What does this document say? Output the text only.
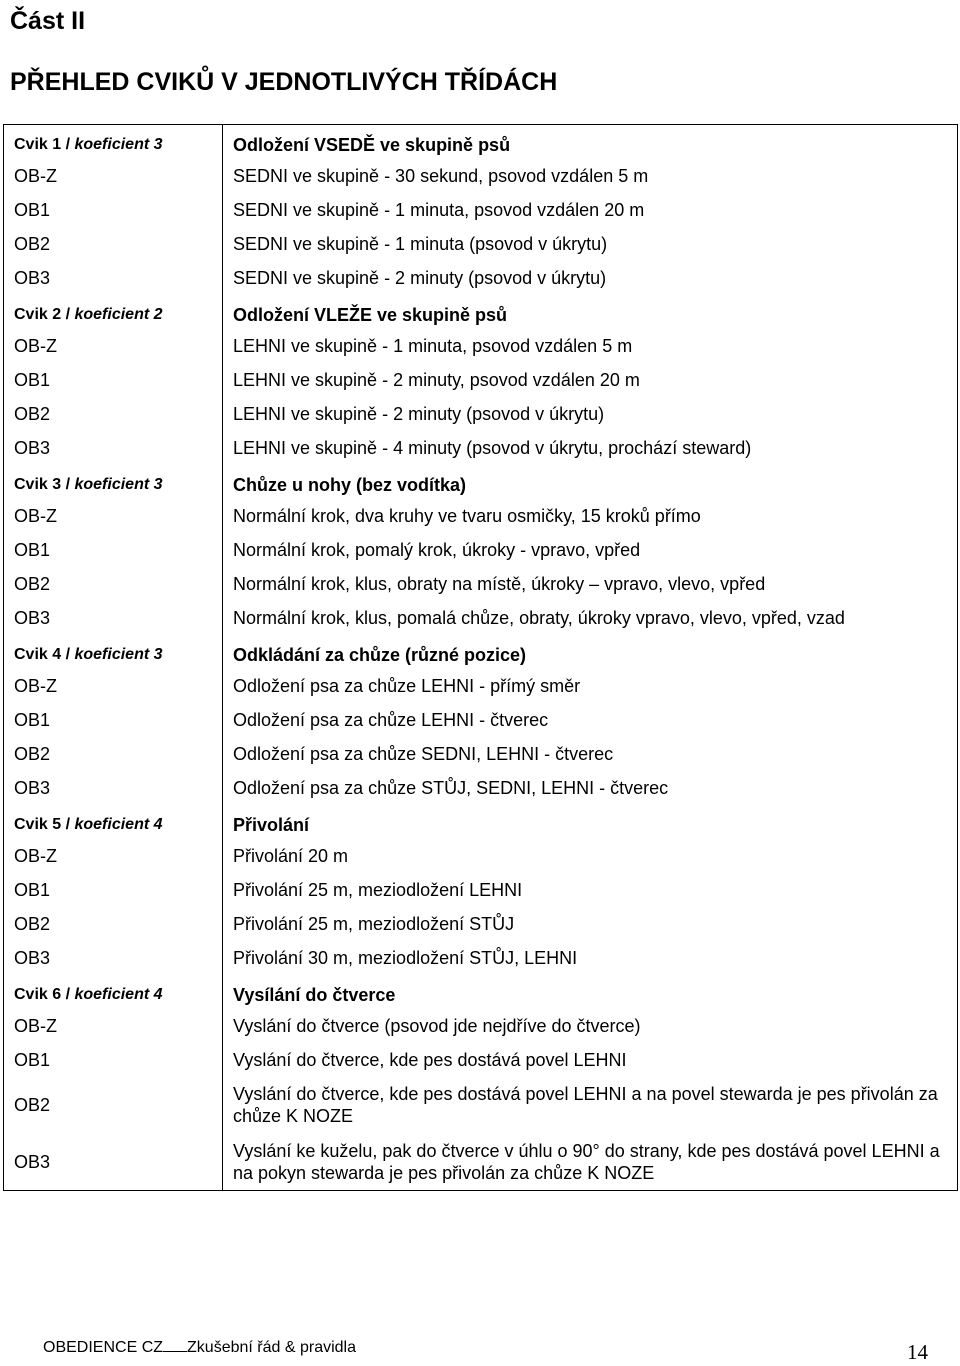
Část II
PŘEHLED CVIKŮ V JEDNOTLIVÝCH TŘÍDÁCH
Cvik 1 / koeficient 3	Odložení VSEDĚ ve skupině psů
OB-Z	SEDNI ve skupině - 30 sekund, psovod vzdálen 5 m
OB1	SEDNI ve skupině - 1 minuta, psovod vzdálen 20 m
OB2	SEDNI ve skupině - 1 minuta (psovod v úkrytu)
OB3	SEDNI ve skupině - 2 minuty (psovod v úkrytu)
Cvik 2 / koeficient 2	Odložení VLEŽE ve skupině psů
OB-Z	LEHNI ve skupině - 1 minuta, psovod vzdálen 5 m
OB1	LEHNI ve skupině - 2 minuty, psovod vzdálen 20 m
OB2	LEHNI ve skupině - 2 minuty (psovod v úkrytu)
OB3	LEHNI ve skupině - 4 minuty (psovod v úkrytu, prochází steward)
Cvik 3 / koeficient 3	Chůze u nohy (bez vodítka)
OB-Z	Normální krok, dva kruhy ve tvaru osmičky, 15 kroků přímo
OB1	Normální krok, pomalý krok, úkroky - vpravo, vpřed
OB2	Normální krok, klus, obraty na místě, úkroky – vpravo, vlevo, vpřed
OB3	Normální krok, klus, pomalá chůze, obraty, úkroky vpravo, vlevo, vpřed, vzad
Cvik 4 / koeficient 3	Odkládání za chůze (různé pozice)
OB-Z	Odložení psa za chůze LEHNI - přímý směr
OB1	Odložení psa za chůze LEHNI - čtverec
OB2	Odložení psa za chůze SEDNI, LEHNI - čtverec
OB3	Odložení psa za chůze STŮJ, SEDNI, LEHNI - čtverec
Cvik 5 / koeficient 4	Přivolání
OB-Z	Přivolání 20 m
OB1	Přivolání 25 m, meziodložení LEHNI
OB2	Přivolání 25 m, meziodložení STŮJ
OB3	Přivolání 30 m, meziodložení STŮJ, LEHNI
Cvik 6 / koeficient 4	Vysílání do čtverce
OB-Z	Vyslání do čtverce (psovod jde nejdříve do čtverce)
OB1	Vyslání do čtverce, kde pes dostává povel LEHNI
OB2	Vyslání do čtverce, kde pes dostává povel LEHNI a na povel stewarda je pes přivolán za chůze K NOZE
OB3	Vyslání ke kuželu, pak do čtverce v úhlu o 90° do strany, kde pes dostává povel LEHNI a na pokyn stewarda je pes přivolán za chůze K NOZE
OBEDIENCE CZ Zkušební řád & pravidla	14
